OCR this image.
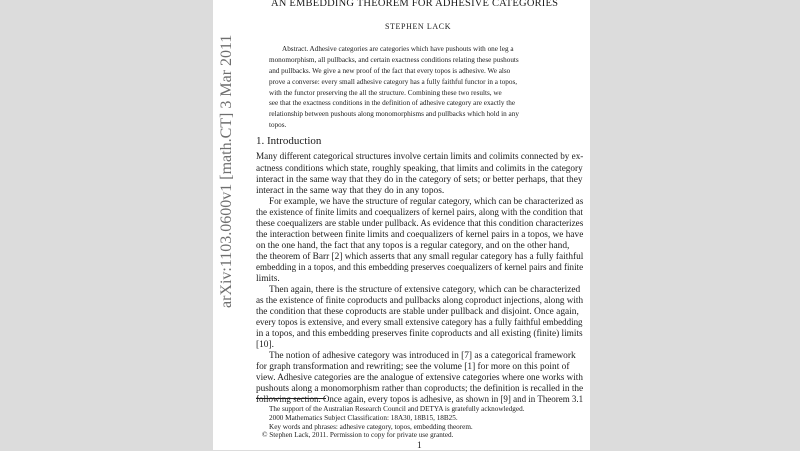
arXiv:1103.0600v1 [math.CT] 3 Mar 2011
AN EMBEDDING THEOREM FOR ADHESIVE CATEGORIES
STEPHEN LACK
Abstract. Adhesive categories are categories which have pushouts with one leg a
monomorphism, all pullbacks, and certain exactness conditions relating these pushouts
and pullbacks. We give a new proof of the fact that every topos is adhesive. We also
prove a converse: every small adhesive category has a fully faithful functor in a topos,
with the functor preserving the all the structure. Combining these two results, we
see that the exactness conditions in the definition of adhesive category are exactly the
relationship between pushouts along monomorphisms and pullbacks which hold in any
topos.
1. Introduction
Many different categorical structures involve certain limits and colimits connected by ex-
actness conditions which state, roughly speaking, that limits and colimits in the category
interact in the same way that they do in the category of sets; or better perhaps, that they
interact in the same way that they do in any topos.
For example, we have the structure of regular category, which can be characterized as
the existence of finite limits and coequalizers of kernel pairs, along with the condition that
these coequalizers are stable under pullback. As evidence that this condition characterizes
the interaction between finite limits and coequalizers of kernel pairs in a topos, we have
on the one hand, the fact that any topos is a regular category, and on the other hand,
the theorem of Barr [2] which asserts that any small regular category has a fully faithful
embedding in a topos, and this embedding preserves coequalizers of kernel pairs and finite
limits.
Then again, there is the structure of extensive category, which can be characterized
as the existence of finite coproducts and pullbacks along coproduct injections, along with
the condition that these coproducts are stable under pullback and disjoint. Once again,
every topos is extensive, and every small extensive category has a fully faithful embedding
in a topos, and this embedding preserves finite coproducts and all existing (finite) limits
[10].
The notion of adhesive category was introduced in [7] as a categorical framework
for graph transformation and rewriting; see the volume [1] for more on this point of
view. Adhesive categories are the analogue of extensive categories where one works with
pushouts along a monomorphism rather than coproducts; the definition is recalled in the
following section. Once again, every topos is adhesive, as shown in [9] and in Theorem 3.1
The support of the Australian Research Council and DETYA is gratefully acknowledged.
2000 Mathematics Subject Classification: 18A30, 18B15, 18B25.
Key words and phrases: adhesive category, topos, embedding theorem.
© Stephen Lack, 2011. Permission to copy for private use granted.
1
